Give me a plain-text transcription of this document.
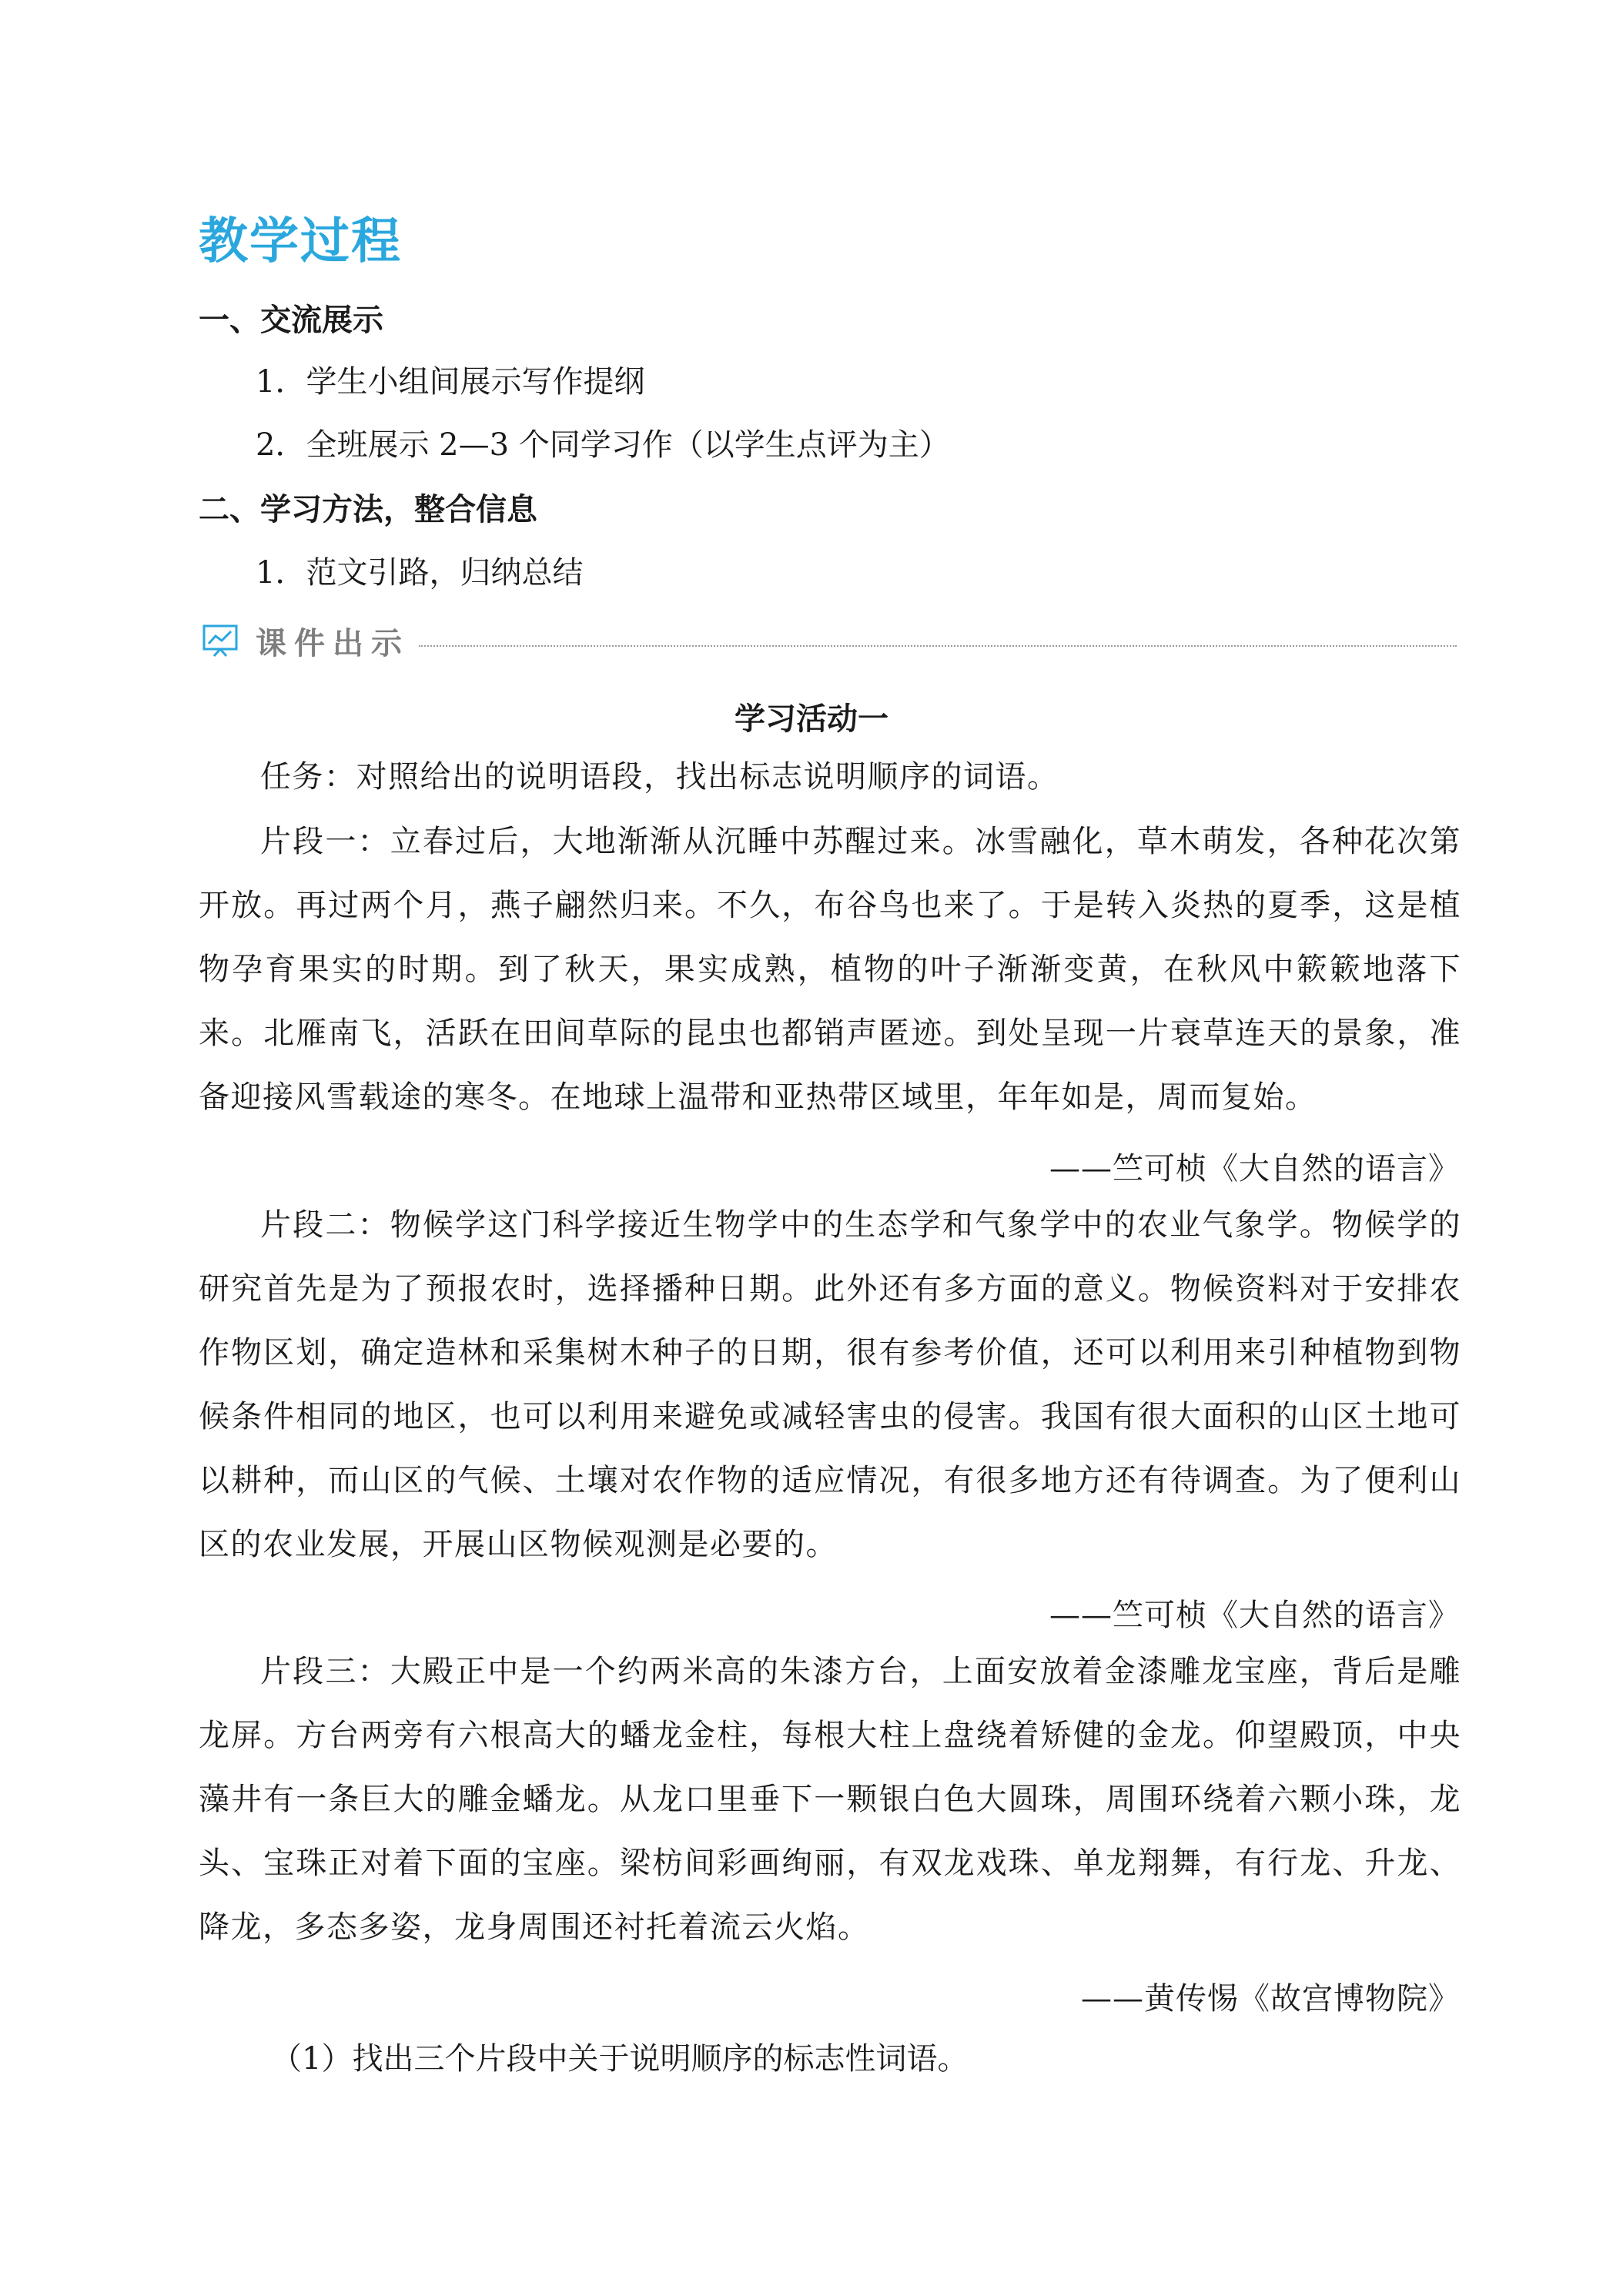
教学过程
一、交流展示
1．学生小组间展示写作提纲
2．全班展示 2—3 个同学习作（以学生点评为主）
二、学习方法，整合信息
1．范文引路，归纳总结
课件出示
学习活动一
任务：对照给出的说明语段，找出标志说明顺序的词语。
片段一：立春过后，大地渐渐从沉睡中苏醒过来。冰雪融化，草木萌发，各种花次第开放。再过两个月，燕子翩然归来。不久，布谷鸟也来了。于是转入炎热的夏季，这是植物孕育果实的时期。到了秋天，果实成熟，植物的叶子渐渐变黄，在秋风中簌簌地落下来。北雁南飞，活跃在田间草际的昆虫也都销声匿迹。到处呈现一片衰草连天的景象，准备迎接风雪载途的寒冬。在地球上温带和亚热带区域里，年年如是，周而复始。
——竺可桢《大自然的语言》
片段二：物候学这门科学接近生物学中的生态学和气象学中的农业气象学。物候学的研究首先是为了预报农时，选择播种日期。此外还有多方面的意义。物候资料对于安排农作物区划，确定造林和采集树木种子的日期，很有参考价值，还可以利用来引种植物到物候条件相同的地区，也可以利用来避免或减轻害虫的侵害。我国有很大面积的山区土地可以耕种，而山区的气候、土壤对农作物的适应情况，有很多地方还有待调查。为了便利山区的农业发展，开展山区物候观测是必要的。
——竺可桢《大自然的语言》
片段三：大殿正中是一个约两米高的朱漆方台，上面安放着金漆雕龙宝座，背后是雕龙屏。方台两旁有六根高大的蟠龙金柱，每根大柱上盘绕着矫健的金龙。仰望殿顶，中央藻井有一条巨大的雕金蟠龙。从龙口里垂下一颗银白色大圆珠，周围环绕着六颗小珠，龙头、宝珠正对着下面的宝座。梁枋间彩画绚丽，有双龙戏珠、单龙翔舞，有行龙、升龙、降龙，多态多姿，龙身周围还衬托着流云火焰。
——黄传惕《故宫博物院》
（1）找出三个片段中关于说明顺序的标志性词语。
